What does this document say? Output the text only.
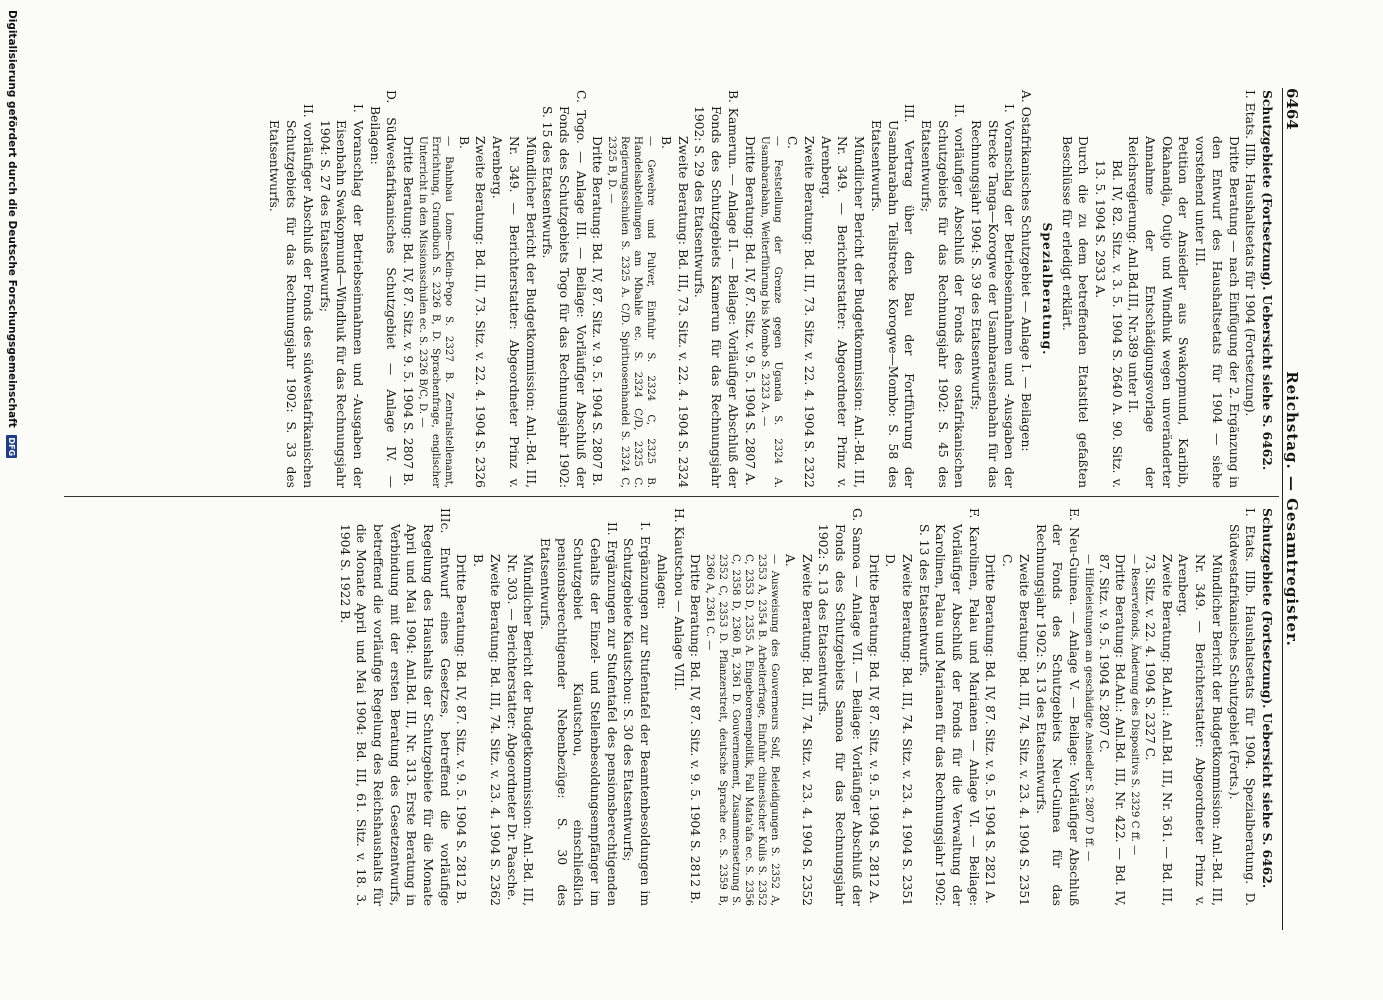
6464
Reichstag. — Gesamtregister.

Schutzgebiete (Fortsetzung). Uebersicht siehe S. 6462.

I. Etats. IIIb. Haushaltsetats für 1904 (Fortsetzung).

Dritte Beratung — nach Einfügung der 2. Ergänzung in den Entwurf des Haushaltsetats für 1904 — siehe vorstehend unter III.

Petition der Ansiedler aus Swakopmund, Karibib, Okahandja, Outjo und Windhuk wegen unveränderter Annahme der Entschädigungsvorlage der Reichsregierung: Anl.Bd.III, Nr.389 unter II.

Bd. IV, 82. Sitz. v. 3. 5. 1904 S. 2640 A. 90. Sitz. v. 13. 5. 1904 S. 2933 A.

Durch die zu dem betreffenden Etatstitel gefaßten Beschlüsse für erledigt erklärt.

Spezialberatung.

A. Ostafrikanisches Schutzgebiet — Anlage I. — Beilagen:

I. Voranschlag der Betriebseinnahmen und -Ausgaben der Strecke Tanga—Korogwe der Usambaraeisenbahn für das Rechnungsjahr 1904: S. 39 des Etatsentwurfs;

II. vorläufiger Abschluß der Fonds des ostafrikanischen Schutzgebiets für das Rechnungsjahr 1902: S. 45 des Etatsentwurfs;

III. Vertrag über den Bau der Fortführung der Usambarabahn Teilstrecke Korogwe—Mombo: S. 58 des Etatsentwurfs.

Mündlicher Bericht der Budgetkommission: Anl.-Bd. III, Nr. 349. — Berichterstatter: Abgeordneter Prinz v. Arenberg.

Zweite Beratung: Bd. III, 73. Sitz. v. 22. 4. 1904 S. 2322 C.

— Feststellung der Grenze gegen Uganda S. 2324 A. Usambarabahn, Weiterführung bis Mombo S. 2323 A. —

Dritte Beratung: Bd. IV, 87. Sitz. v. 9. 5. 1904 S. 2807 A.

B. Kamerun. — Anlage II. — Beilage: Vorläufiger Abschluß der Fonds des Schutzgebiets Kamerun für das Rechnungsjahr 1902: S. 29 des Etatsentwurfs.

Zweite Beratung: Bd. III, 73. Sitz. v. 22. 4. 1904 S. 2324 B.

— Gewehre und Pulver, Einfuhr S. 2324 C, 2325 B. Handelsabteilungen am Mbahle ec. S. 2324 C/D, 2325 C. Regierungsschulen S. 2325 A. C/D. Spirituosenhandel S. 2324 C, 2325 B, D. —

Dritte Beratung: Bd. IV, 87. Sitz. v. 9. 5. 1904 S. 2807 B.

C. Togo. — Anlage III. — Beilage: Vorläufiger Abschluß der Fonds des Schutzgebiets Togo für das Rechnungsjahr 1902: S. 15 des Etatsentwurfs.

Mündlicher Bericht der Budgetkommission: Anl.-Bd. III, Nr. 349. — Berichterstatter: Abgeordneter Prinz v. Arenberg.

Zweite Beratung: Bd. III, 73. Sitz. v. 22. 4. 1904 S. 2326 B.

— Bahnbau Lome—Klein-Popo S. 2327 B. Zentralstellenamt, Errichtung, Grundbuch S. 2326 B, D. Sprachenfrage, englischer Unterricht in den Missionsschulen ec. S. 2326 B/C, D. —

Dritte Beratung: Bd. IV, 87. Sitz. v. 9. 5. 1904 S. 2807 B.

D. Südwestafrikanisches Schutzgebiet — Anlage IV. — Beilagen:

I. Voranschlag der Betriebseinnahmen und -Ausgaben der Eisenbahn Swakopmund—Windhuk für das Rechnungsjahr 1904: S. 27 des Etatsentwurfs;

II. vorläufiger Abschluß der Fonds des südwestafrikanischen Schutzgebiets für das Rechnungsjahr 1902: S. 33 des Etatsentwurfs.

Schutzgebiete (Fortsetzung). Uebersicht siehe S. 6462.

I. Etats. IIIb. Haushaltsetats für 1904. Spezialberatung. D. Südwestafrikanisches Schutzgebiet (Forts.).

Mündlicher Bericht der Budgetkommission: Anl.-Bd. III, Nr. 349. — Berichterstatter: Abgeordneter Prinz v. Arenberg.

Zweite Beratung: Bd.Anl.: Anl.Bd. III, Nr. 361. — Bd. III, 73. Sitz. v. 22. 4. 1904 S. 2327 C.

— Reservefonds, Änderung des Dispositivs S. 2329 C ff. —

Dritte Beratung: Bd.Anl.: Anl.Bd. III, Nr. 422. — Bd. IV, 87. Sitz. v. 9. 5. 1904 S. 2807 C.

— Hilfeleistungen an geschädigte Ansiedler S. 2807 D ff. —

E. Neu-Guinea. — Anlage V. — Beilage: Vorläufiger Abschluß der Fonds des Schutzgebiets Neu-Guinea für das Rechnungsjahr 1902: S. 13 des Etatsentwurfs.

Zweite Beratung: Bd. III, 74. Sitz. v. 23. 4. 1904 S. 2351 C.

Dritte Beratung: Bd. IV, 87. Sitz. v. 9. 5. 1904 S. 2821 A.

F. Karolinen, Palau und Marianen — Anlage VI. — Beilage: Vorläufiger Abschluß der Fonds für die Verwaltung der Karolinen, Palau und Marianen für das Rechnungsjahr 1902: S. 13 des Etatsentwurfs.

Zweite Beratung: Bd. III, 74. Sitz. v. 23. 4. 1904 S. 2351 D.

Dritte Beratung: Bd. IV, 87. Sitz. v. 9. 5. 1904 S. 2812 A.

G. Samoa — Anlage VII. — Beilage: Vorläufiger Abschluß der Fonds des Schutzgebiets Samoa für das Rechnungsjahr 1902: S. 13 des Etatsentwurfs.

Zweite Beratung: Bd. III, 74. Sitz. v. 23. 4. 1904 S. 2352 A.

— Ausweisung des Gouverneurs Solf, Beleidigungen S. 2352 A, 2353 A, 2354 B. Arbeiterfrage, Einfuhr chinesischer Kulis S. 2352 C, 2353 D, 2355 A. Eingeborenenpolitik, Fall Mata'afa ec. S. 2356 C, 2358 D, 2360 B, 2361 D. Gouvernement, Zusammensetzung S. 2352 C, 2353 D. Pflanzerstreit, deutsche Sprache ec. S. 2359 B, 2360 A, 2361 C. —

Dritte Beratung: Bd. IV, 87. Sitz. v. 9. 5. 1904 S. 2812 B.

H. Kiautschou — Anlage VIII.

Anlagen:

I. Ergänzungen zur Stufentafel der Beamtenbesoldungen im Schutzgebiete Kiautschou: S. 30 des Etatsentwurfs;

II. Ergänzungen zur Stufentafel des pensionsberechtigenden Gehalts der Einzel- und Stellenbesoldungsempfänger im Schutzgebiet Kiautschou, einschließlich pensionsberechtigender Nebenbezüge: S. 30 des Etatsentwurfs.

Mündlicher Bericht der Budgetkommission: Anl.-Bd. III, Nr. 303. — Berichterstatter: Abgeordneter Dr. Paasche.

Zweite Beratung: Bd. III, 74. Sitz. v. 23. 4. 1904 S. 2362 B.

Dritte Beratung: Bd. IV, 87. Sitz. v. 9. 5. 1904 S. 2812 B.

IIIc. Entwurf eines Gesetzes, betreffend die vorläufige Regelung des Haushalts der Schutzgebiete für die Monate April und Mai 1904: Anl.Bd. III, Nr. 313. Erste Beratung in Verbindung mit der ersten Beratung des Gesetzentwurfs, betreffend die vorläufige Regelung des Reichshaushalts für die Monate April und Mai 1904: Bd. III, 61. Sitz. v. 18. 3. 1904 S. 1922 B.

Digitalisierung gefördert durch die Deutsche Forschungsgemeinschaft DFG
